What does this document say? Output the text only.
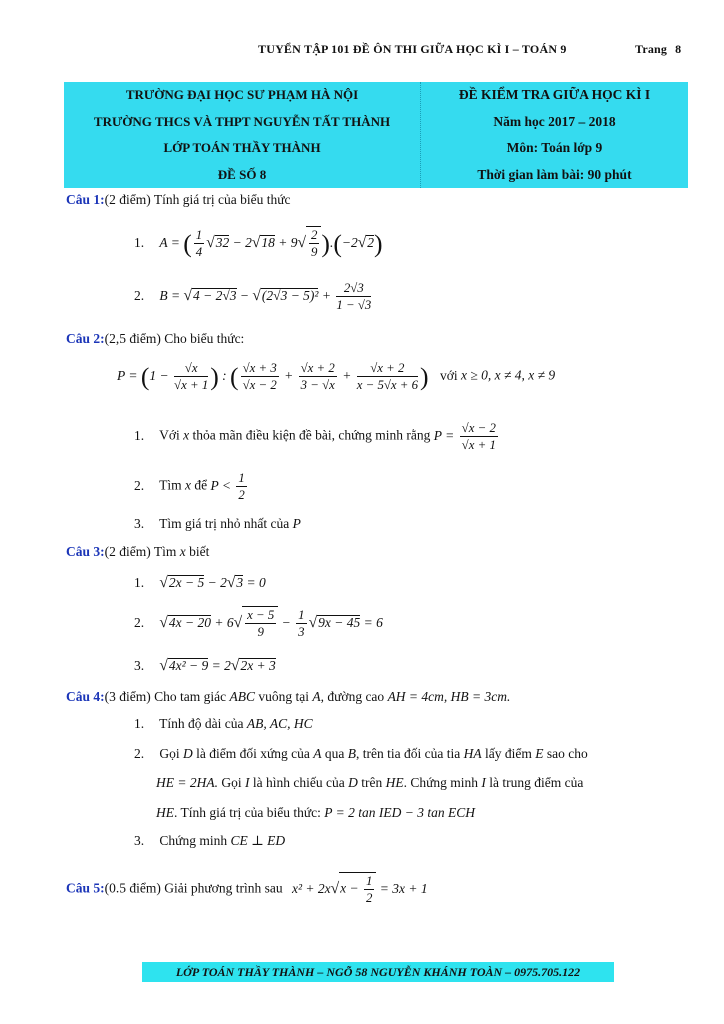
TUYỂN TẬP 101 ĐỀ ÔN THI GIỮA HỌC KÌ I – TOÁN 9	Trang 8
TRƯỜNG ĐẠI HỌC SƯ PHẠM HÀ NỘI
TRƯỜNG THCS VÀ THPT NGUYỄN TẤT THÀNH
LỚP TOÁN THẦY THÀNH
ĐỀ SỐ 8
ĐỀ KIỂM TRA GIỮA HỌC KÌ I
Năm học 2017 – 2018
Môn: Toán lớp 9
Thời gian làm bài: 90 phút
Câu 1:(2 điểm) Tính giá trị của biểu thức
1. A = ( $\frac{1}{4} √32 - 2√18 + 9√ \frac{2}{9} ).(-2√2)$
2. $B = √4 - 2√3 - √(2√3 - 5)^2 + \frac{2√3}{1 - √3}$
Câu 2:(2,5 điểm) Cho biểu thức:
$P = (1 - \frac{√x}{√x + 1}$ ) : ( $\frac{√x + 3}{√x - 2} + \frac{√x + 2}{3 - √x} + \frac{√x + 2}{x - 5√x + 6}$ ) với x ≥ 0, x ≠ 4, x ≠ 9
1. Với x thỏa mãn điều kiện đề bài, chứng minh rằng $P = \frac{√x - 2}{√x + 1}$
2. Tìm x để $P < \frac{1}{2}$
3. Tìm giá trị nhỏ nhất của P
Câu 3:(2 điểm) Tìm x biết
1. √2x − 5 − 2√3 = 0
2. $√4x - 20 + 6√ \frac{x - 5}{9} - \frac{1}{3} √9x - 45 = 6$
3. √4x² − 9 = 2√2x + 3
Câu 4:(3 điểm) Cho tam giác ABC vuông tại A, đường cao AH = 4cm, HB = 3cm.
1. Tính độ dài của AB, AC, HC
2. Gọi D là điểm đối xứng của A qua B, trên tia đối của tia HA lấy điểm E sao cho
HE = 2HA. Gọi I là hình chiếu của D trên HE. Chứng minh I là trung điểm của
HE. Tính giá trị của biểu thức: P = 2 tan IED − 3 tan ECH
3. Chứng minh CE ⊥ ED
Câu 5:(0.5 điểm) Giải phương trình sau $x^2 + 2x√x - \frac{1}{2} = 3x + 1$
LỚP TOÁN THẦY THÀNH – NGÕ 58 NGUYỄN KHÁNH TOÀN – 0975.705.122
